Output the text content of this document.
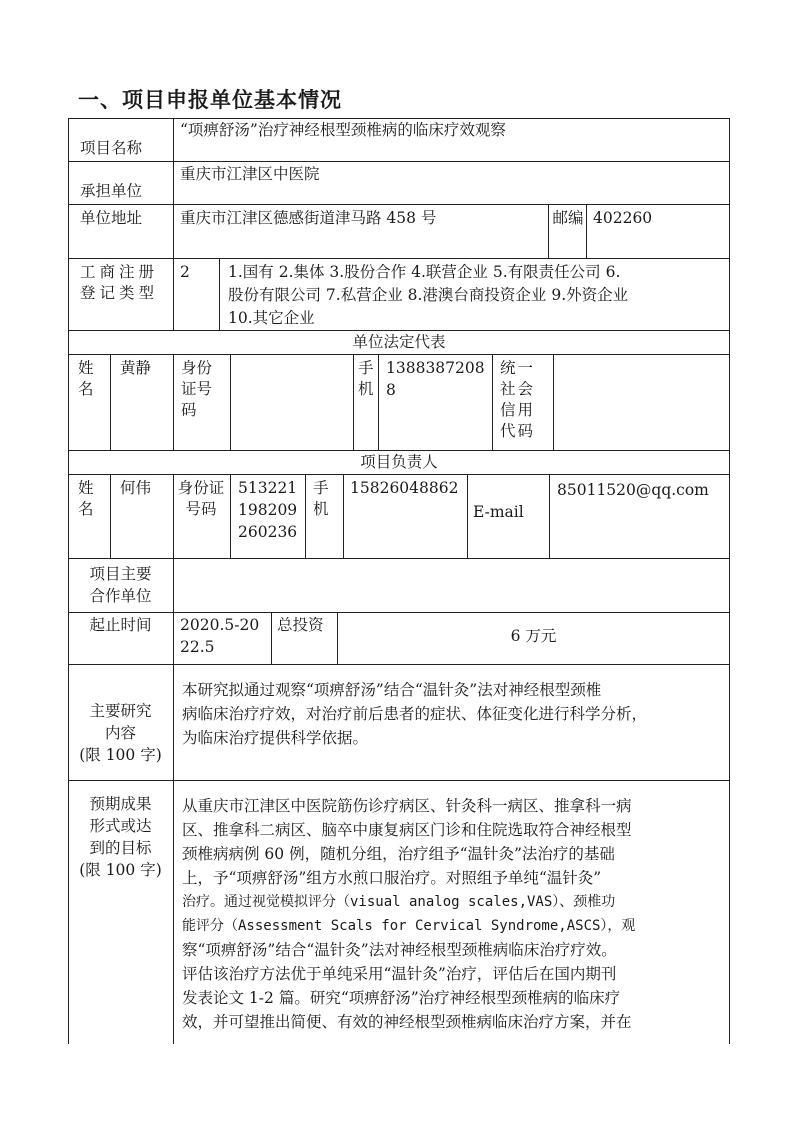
一、项目申报单位基本情况
项目名称
“项痹舒汤”治疗神经根型颈椎病的临床疗效观察
承担单位
重庆市江津区中医院
单位地址 重庆市江津区德感街道津马路 458 号	邮编 402260
工商注册登记类型
2 1.国有 2.集体 3.股份合作 4.联营企业 5.有限责任公司 6.
股份有限公司 7.私营企业 8.港澳台商投资企业 9.外资企业
10.其它企业
单位法定代表
姓名
黄静 身份证号码
手机
1388387208
8
统一社会信用代码
项目负责人
姓名
何伟 身份证号码
513221
198209
260236
手机
15826048862
E-mail
85011520@qq.com
项目主要
合作单位
起止时间	2020.5-20
22.5
总投资
6 万元
主要研究
内容
(限 100 字)
本研究拟通过观察“项痹舒汤”结合“温针灸”法对神经根型颈椎
病临床治疗疗效，对治疗前后患者的症状、体征变化进行科学分析，
为临床治疗提供科学依据。
预期成果
形式或达
到的目标
(限 100 字)
从重庆市江津区中医院筋伤诊疗病区、针灸科一病区、推拿科一病
区、推拿科二病区、脑卒中康复病区门诊和住院选取符合神经根型
颈椎病病例 60 例，随机分组，治疗组予“温针灸”法治疗的基础
上，予“项痹舒汤”组方水煎口服治疗。对照组予单纯“温针灸”
治疗。通过视觉模拟评分（visual analog scales,VAS）、颈椎功
能评分（Assessment Scals for Cervical Syndrome,ASCS），观
察“项痹舒汤”结合“温针灸”法对神经根型颈椎病临床治疗疗效。
评估该治疗方法优于单纯采用“温针灸”治疗，评估后在国内期刊
发表论文 1-2 篇。研究“项痹舒汤”治疗神经根型颈椎病的临床疗
效，并可望推出简便、有效的神经根型颈椎病临床治疗方案，并在
